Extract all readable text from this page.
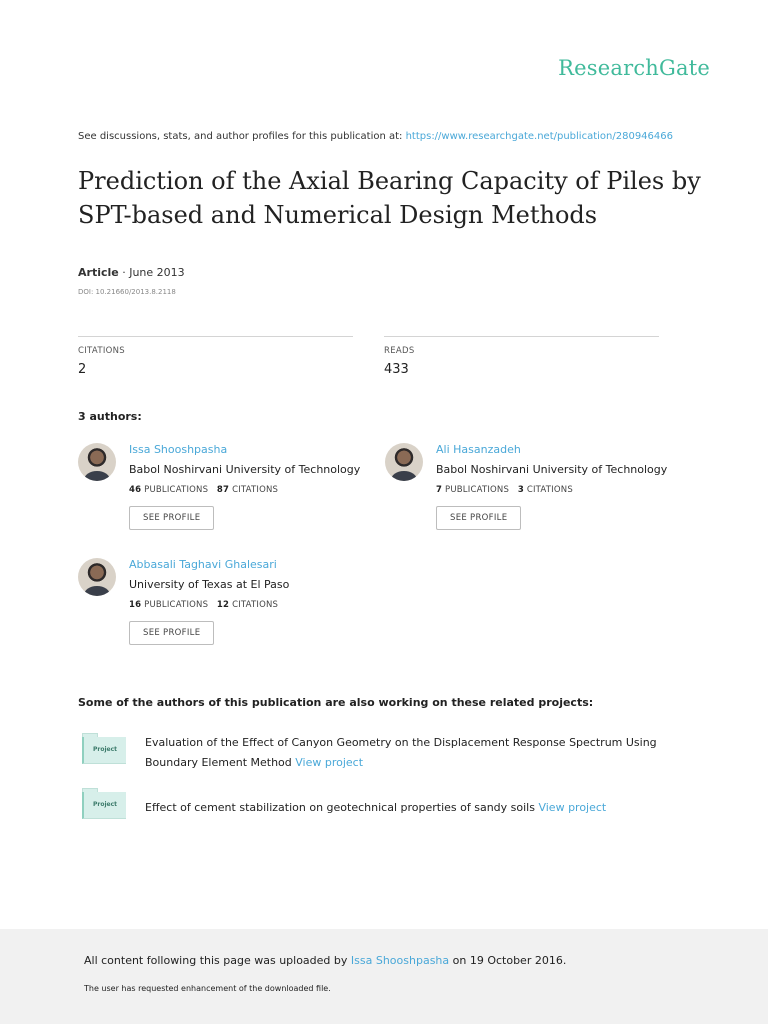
ResearchGate
See discussions, stats, and author profiles for this publication at: https://www.researchgate.net/publication/280946466
Prediction of the Axial Bearing Capacity of Piles by SPT-based and Numerical Design Methods
Article · June 2013
DOI: 10.21660/2013.8.2118
CITATIONS
2
READS
433
3 authors:
Issa Shooshpasha
Babol Noshirvani University of Technology
46 PUBLICATIONS 87 CITATIONS
SEE PROFILE
Ali Hasanzadeh
Babol Noshirvani University of Technology
7 PUBLICATIONS 3 CITATIONS
SEE PROFILE
Abbasali Taghavi Ghalesari
University of Texas at El Paso
16 PUBLICATIONS 12 CITATIONS
SEE PROFILE
Some of the authors of this publication are also working on these related projects:
Project
Evaluation of the Effect of Canyon Geometry on the Displacement Response Spectrum Using Boundary Element Method View project
Project	Effect of cement stabilization on geotechnical properties of sandy soils View project
All content following this page was uploaded by Issa Shooshpasha on 19 October 2016.
The user has requested enhancement of the downloaded file.
